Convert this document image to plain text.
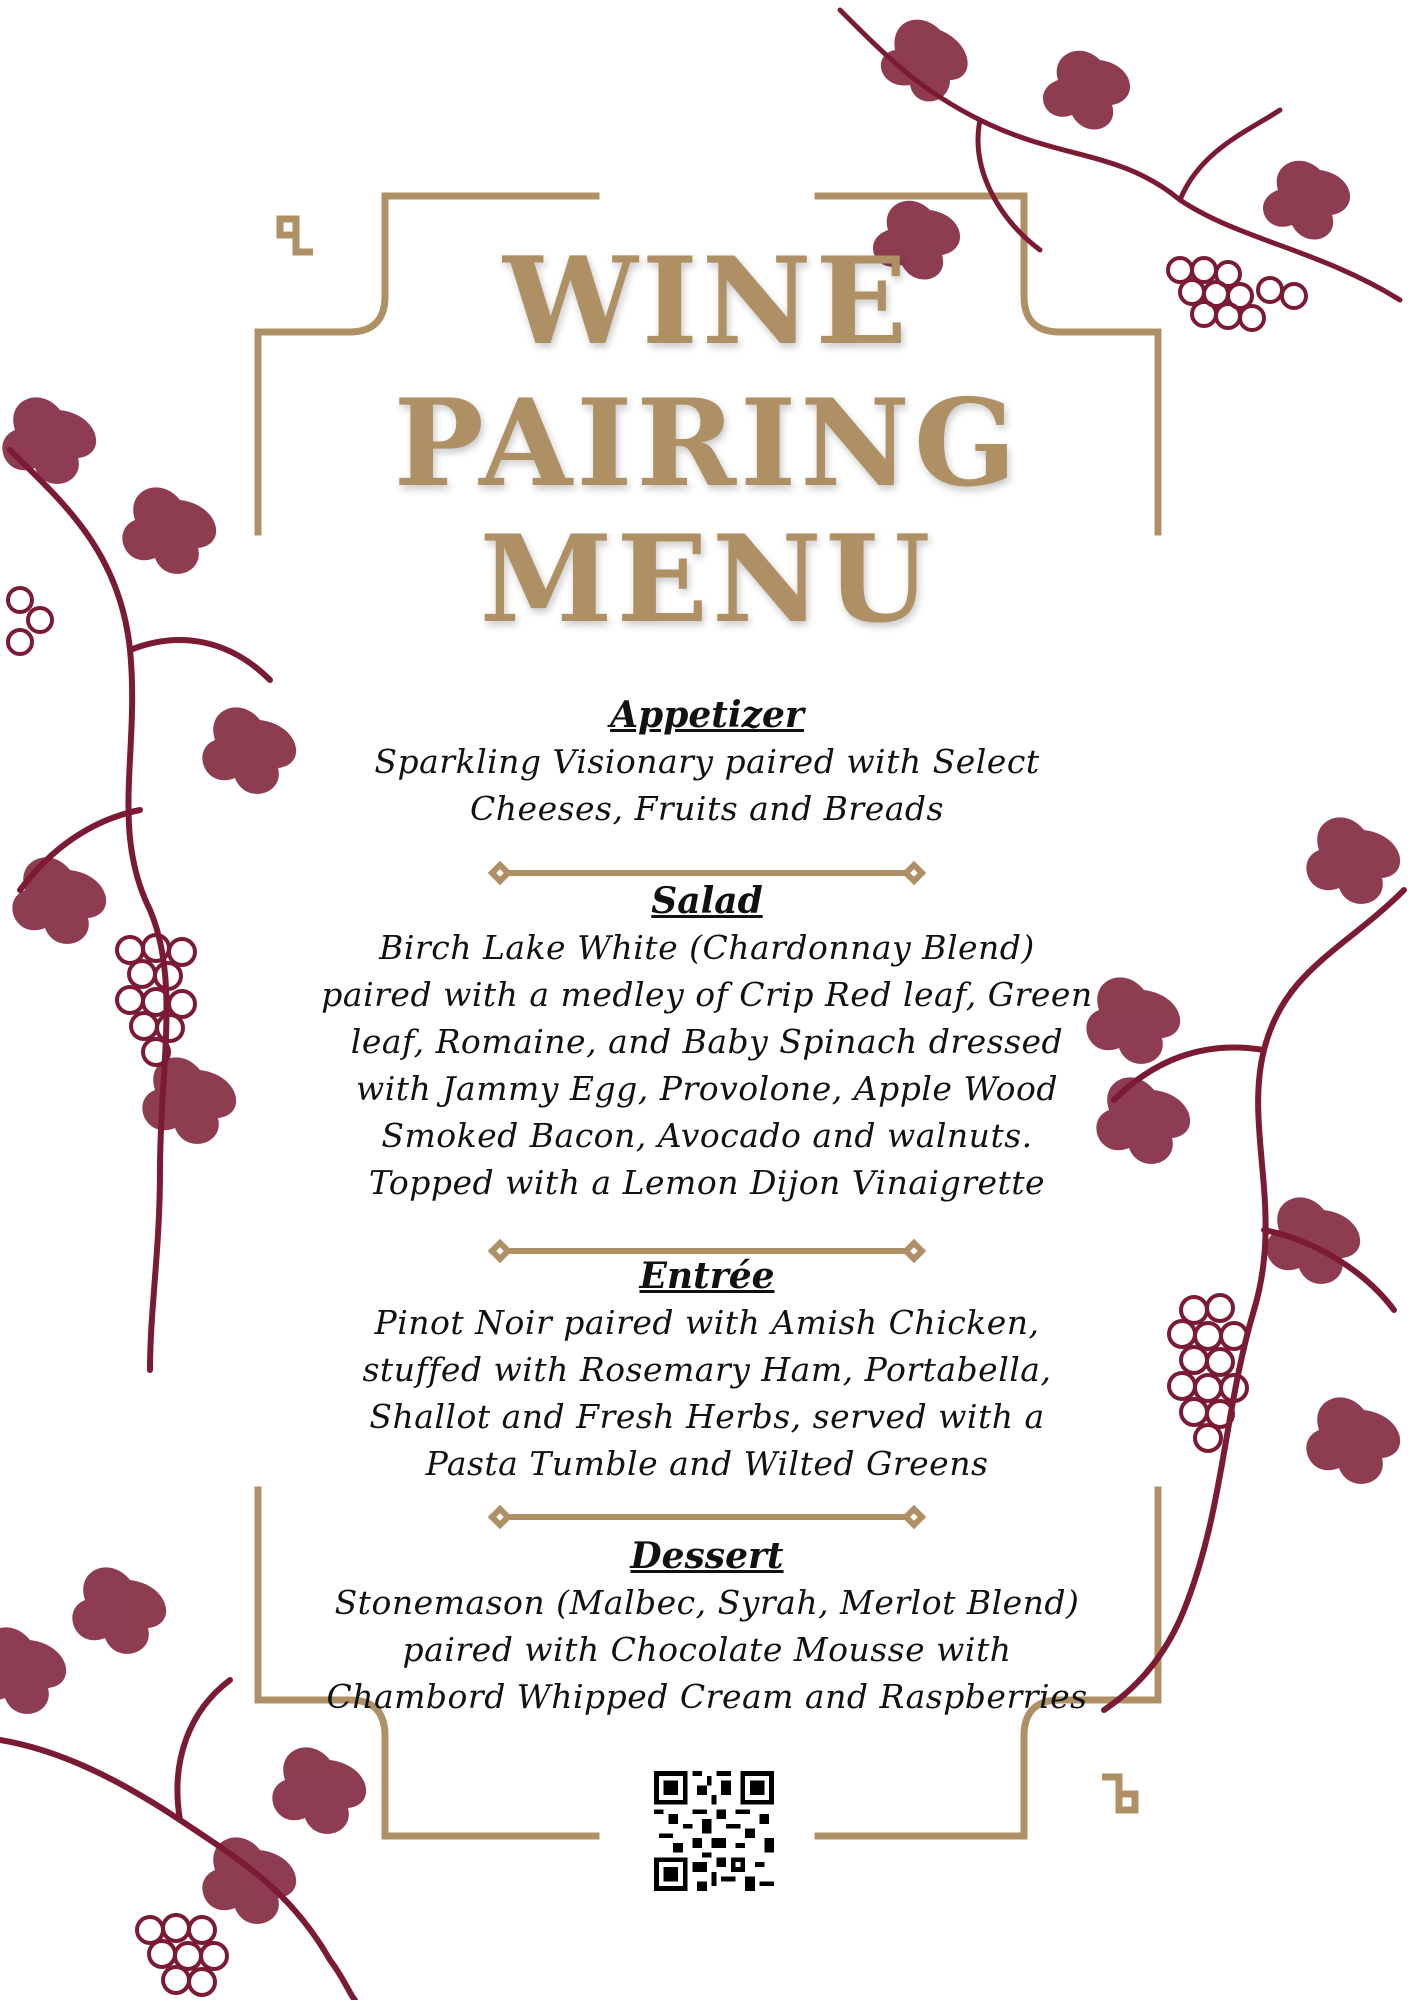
WINE
PAIRING
MENU
Appetizer
Sparkling Visionary paired with Select
Cheeses, Fruits and Breads
Salad
Birch Lake White (Chardonnay Blend)
paired with a medley of Crip Red leaf, Green
leaf, Romaine, and Baby Spinach dressed
with Jammy Egg, Provolone, Apple Wood
Smoked Bacon, Avocado and walnuts.
Topped with a Lemon Dijon Vinaigrette
Entrée
Pinot Noir paired with Amish Chicken,
stuffed with Rosemary Ham, Portabella,
Shallot and Fresh Herbs, served with a
Pasta Tumble and Wilted Greens
Dessert
Stonemason (Malbec, Syrah, Merlot Blend)
paired with Chocolate Mousse with
Chambord Whipped Cream and Raspberries
